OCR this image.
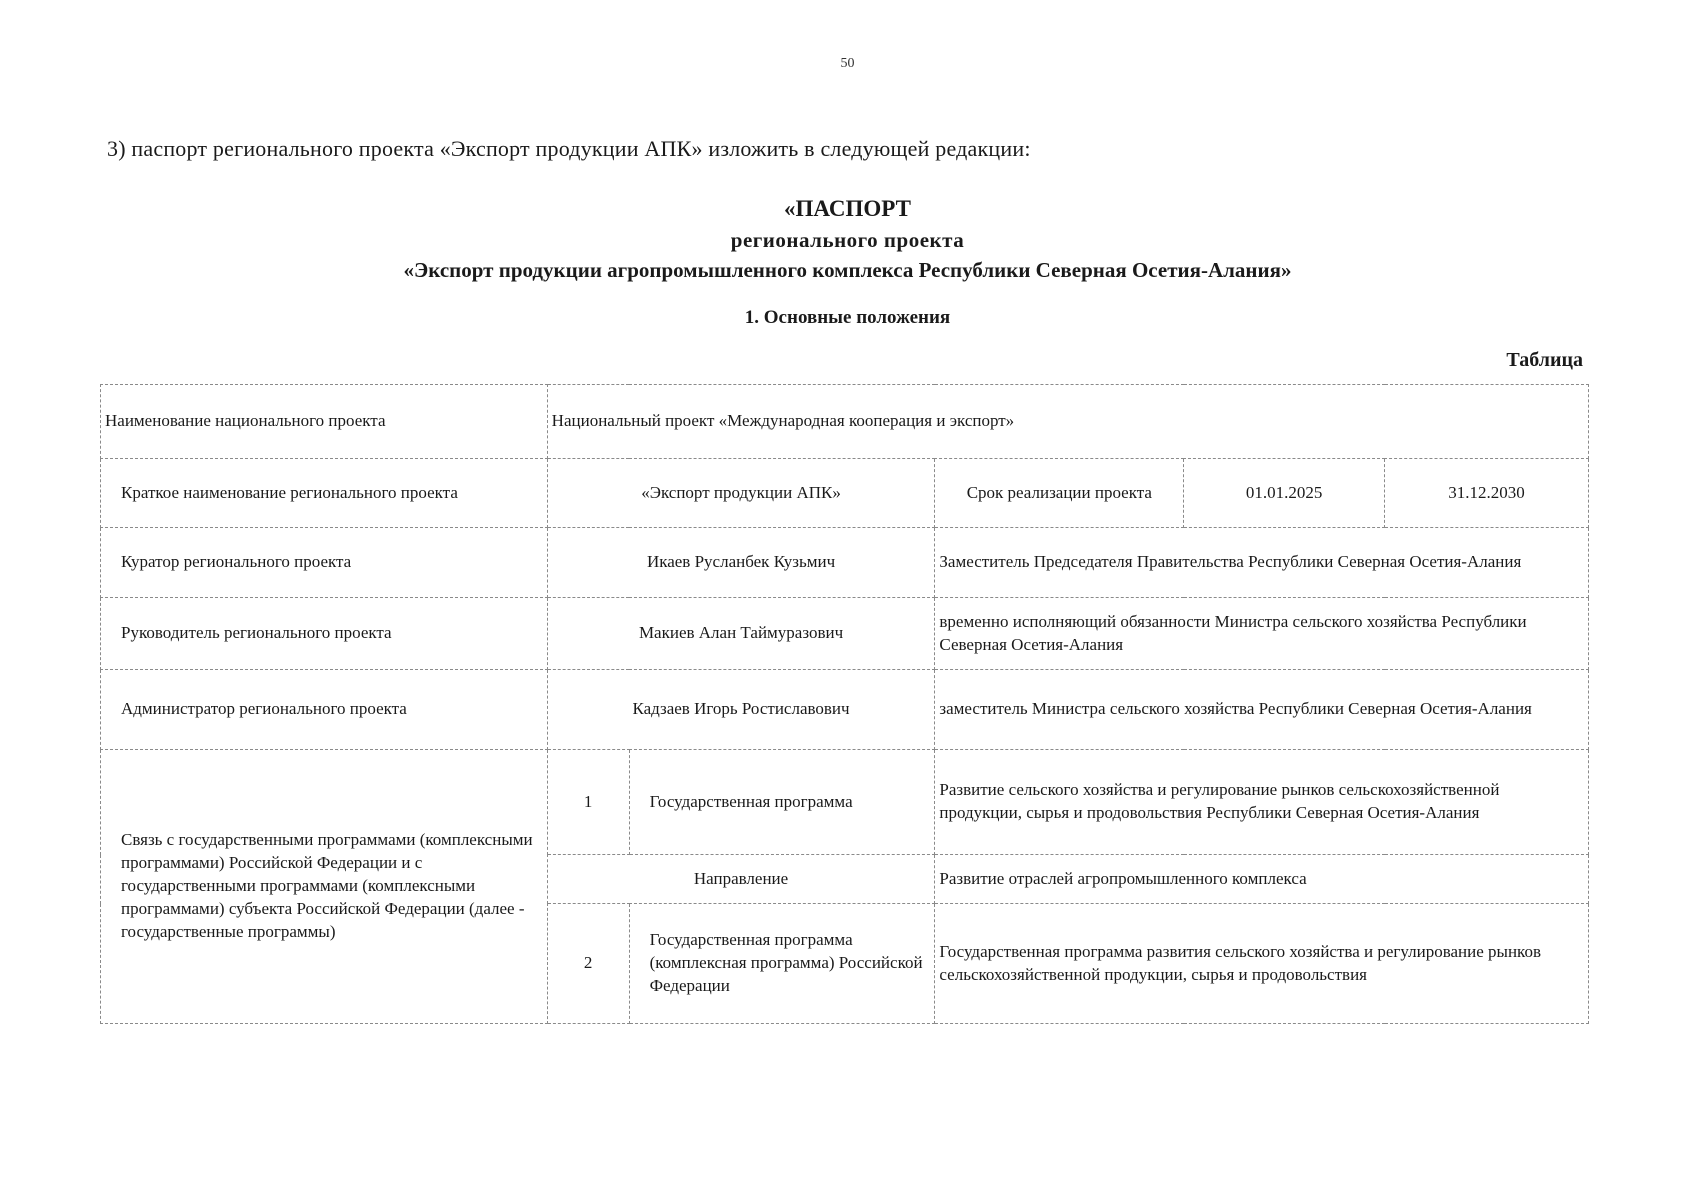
50
3) паспорт регионального проекта «Экспорт продукции АПК» изложить в следующей редакции:
«ПАСПОРТ
регионального проекта
«Экспорт продукции агропромышленного комплекса Республики Северная Осетия-Алания»
1. Основные положения
Таблица
Наименование национального проекта	Национальный проект «Международная кооперация и экспорт»				
Краткое наименование регионального проекта	«Экспорт продукции АПК»		Срок реализации проекта	01.01.2025	31.12.2030
Куратор регионального проекта	Икаев Русланбек Кузьмич		Заместитель Председателя Правительства Республики Северная Осетия-Алания		
Руководитель регионального проекта	Макиев Алан Таймуразович		временно исполняющий обязанности Министра сельского хозяйства Республики Северная Осетия-Алания		
Администратор регионального проекта	Кадзаев Игорь Ростиславович		заместитель Министра сельского хозяйства Республики Северная Осетия-Алания		
Связь с государственными программами (комплексными программами) Российской Федерации и с государственными программами (комплексными программами) субъекта Российской Федерации (далее - государственные программы)	1	Государственная программа	Развитие сельского хозяйства и регулирование рынков сельскохозяйственной продукции, сырья и продовольствия Республики Северная Осетия-Алания		
	Направление		Развитие отраслей агропромышленного комплекса		
	2	Государственная программа (комплексная программа) Российской Федерации	Государственная программа развития сельского хозяйства и регулирование рынков сельскохозяйственной продукции, сырья и продовольствия		
